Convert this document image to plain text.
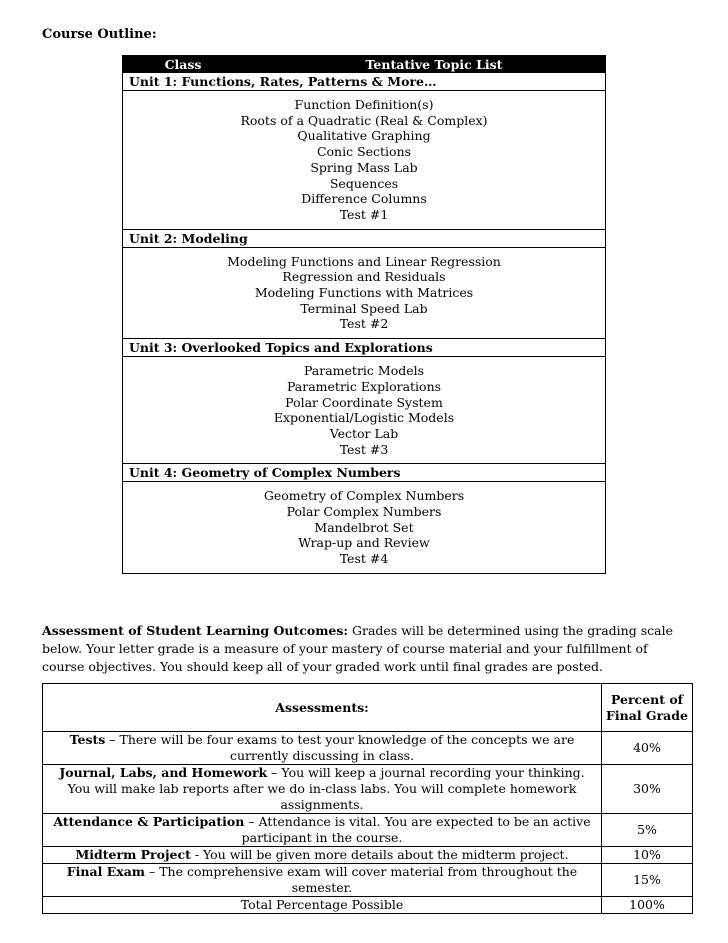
Course Outline:
Class	Tentative Topic List
Unit 1: Functions, Rates, Patterns & More…
Function Definition(s)
Roots of a Quadratic (Real & Complex)
Qualitative Graphing
Conic Sections
Spring Mass Lab
Sequences
Difference Columns
Test #1
Unit 2: Modeling
Modeling Functions and Linear Regression
Regression and Residuals
Modeling Functions with Matrices
Terminal Speed Lab
Test #2
Unit 3: Overlooked Topics and Explorations
Parametric Models
Parametric Explorations
Polar Coordinate System
Exponential/Logistic Models
Vector Lab
Test #3
Unit 4: Geometry of Complex Numbers
Geometry of Complex Numbers
Polar Complex Numbers
Mandelbrot Set
Wrap-up and Review
Test #4
Assessment of Student Learning Outcomes: Grades will be determined using the grading scale below. Your letter grade is a measure of your mastery of course material and your fulfillment of course objectives. You should keep all of your graded work until final grades are posted.
Assessments:	Percent of Final Grade
Tests – There will be four exams to test your knowledge of the concepts we are currently discussing in class.	40%
Journal, Labs, and Homework – You will keep a journal recording your thinking. You will make lab reports after we do in-class labs. You will complete homework assignments.	30%
Attendance & Participation – Attendance is vital. You are expected to be an active participant in the course.	5%
Midterm Project - You will be given more details about the midterm project.	10%
Final Exam – The comprehensive exam will cover material from throughout the semester.	15%
Total Percentage Possible	100%
